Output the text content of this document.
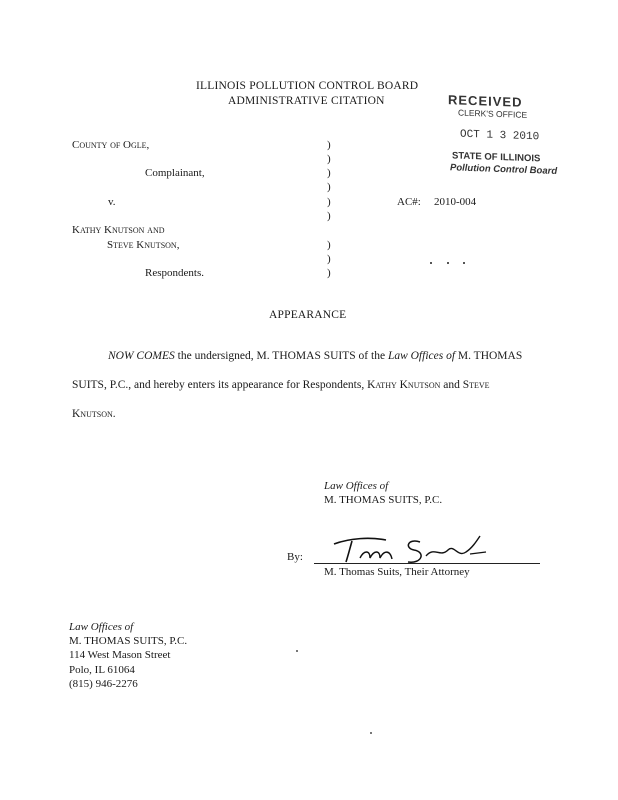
ILLINOIS POLLUTION CONTROL BOARD
ADMINISTRATIVE CITATION	RECEIVED
CLERK'S OFFICE
OCT 1 3 2010
STATE OF ILLINOIS
Pollution Control Board
County of Ogle,
Complainant,
v.
Kathy Knutson and
Steve Knutson,
Respondents.
)
)
)
)
)
)
)
)
)
AC#: 2010-004
APPEARANCE
NOW COMES the undersigned, M. THOMAS SUITS of the Law Offices of M. THOMAS
SUITS, P.C., and hereby enters its appearance for Respondents, Kathy Knutson and Steve
Knutson.
Law Offices of
M. THOMAS SUITS, P.C.
By:
M. Thomas Suits, Their Attorney
Law Offices of
M. THOMAS SUITS, P.C.
114 West Mason Street
Polo, IL 61064
(815) 946-2276
